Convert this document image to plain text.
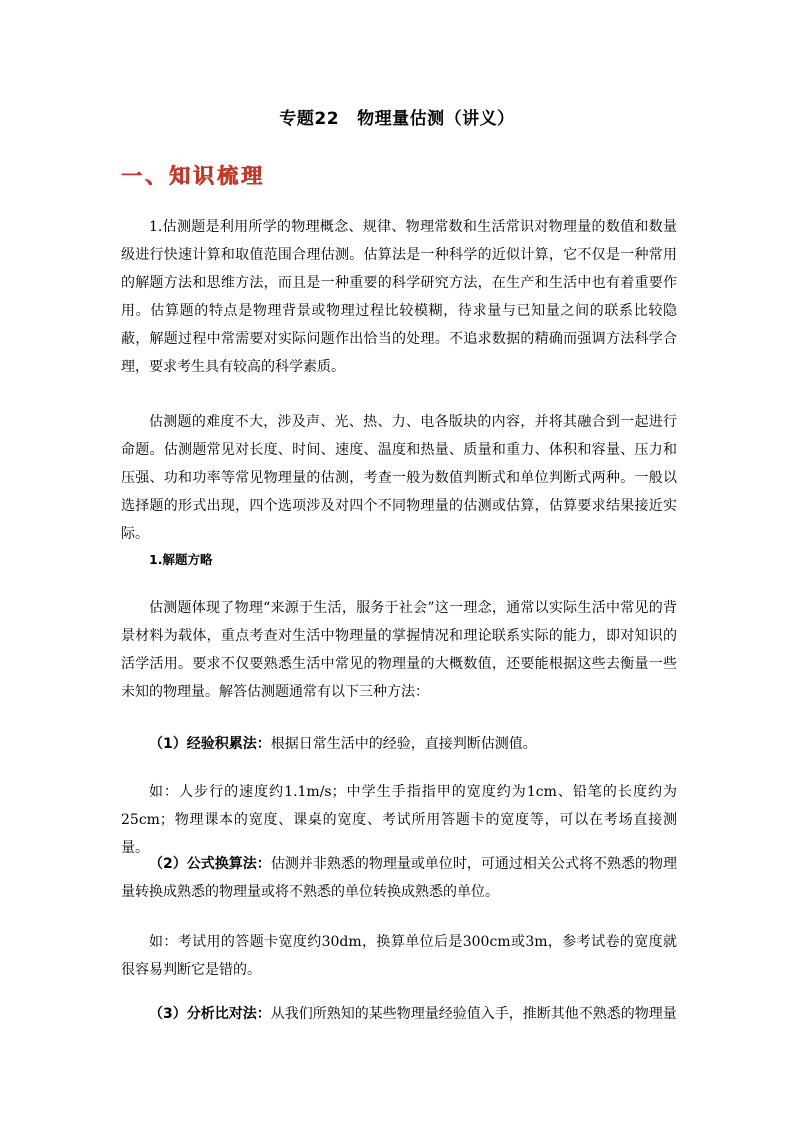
专题22 物理量估测（讲义）
一、知识梳理

1.估测题是利用所学的物理概念、规律、物理常数和生活常识对物理量的数值和数量级进行快速计算和取值范围合理估测。估算法是一种科学的近似计算，它不仅是一种常用的解题方法和思维方法，而且是一种重要的科学研究方法，在生产和生活中也有着重要作用。估算题的特点是物理背景或物理过程比较模糊，待求量与已知量之间的联系比较隐蔽，解题过程中常需要对实际问题作出恰当的处理。不追求数据的精确而强调方法科学合理，要求考生具有较高的科学素质。

估测题的难度不大，涉及声、光、热、力、电各版块的内容，并将其融合到一起进行命题。估测题常见对长度、时间、速度、温度和热量、质量和重力、体积和容量、压力和压强、功和功率等常见物理量的估测，考查一般为数值判断式和单位判断式两种。一般以选择题的形式出现，四个选项涉及对四个不同物理量的估测或估算，估算要求结果接近实际。

1.解题方略

估测题体现了物理“来源于生活，服务于社会”这一理念，通常以实际生活中常见的背景材料为载体，重点考查对生活中物理量的掌握情况和理论联系实际的能力，即对知识的活学活用。要求不仅要熟悉生活中常见的物理量的大概数值，还要能根据这些去衡量一些未知的物理量。解答估测题通常有以下三种方法：

（1）经验积累法：根据日常生活中的经验，直接判断估测值。

如：人步行的速度约1.1m/s；中学生手指指甲的宽度约为1cm、铅笔的长度约为25cm；物理课本的宽度、课桌的宽度、考试所用答题卡的宽度等，可以在考场直接测量。

（2）公式换算法：估测并非熟悉的物理量或单位时，可通过相关公式将不熟悉的物理量转换成熟悉的物理量或将不熟悉的单位转换成熟悉的单位。

如：考试用的答题卡宽度约30dm，换算单位后是300cm或3m，参考试卷的宽度就很容易判断它是错的。

（3）分析比对法：从我们所熟知的某些物理量经验值入手，推断其他不熟悉的物理量
